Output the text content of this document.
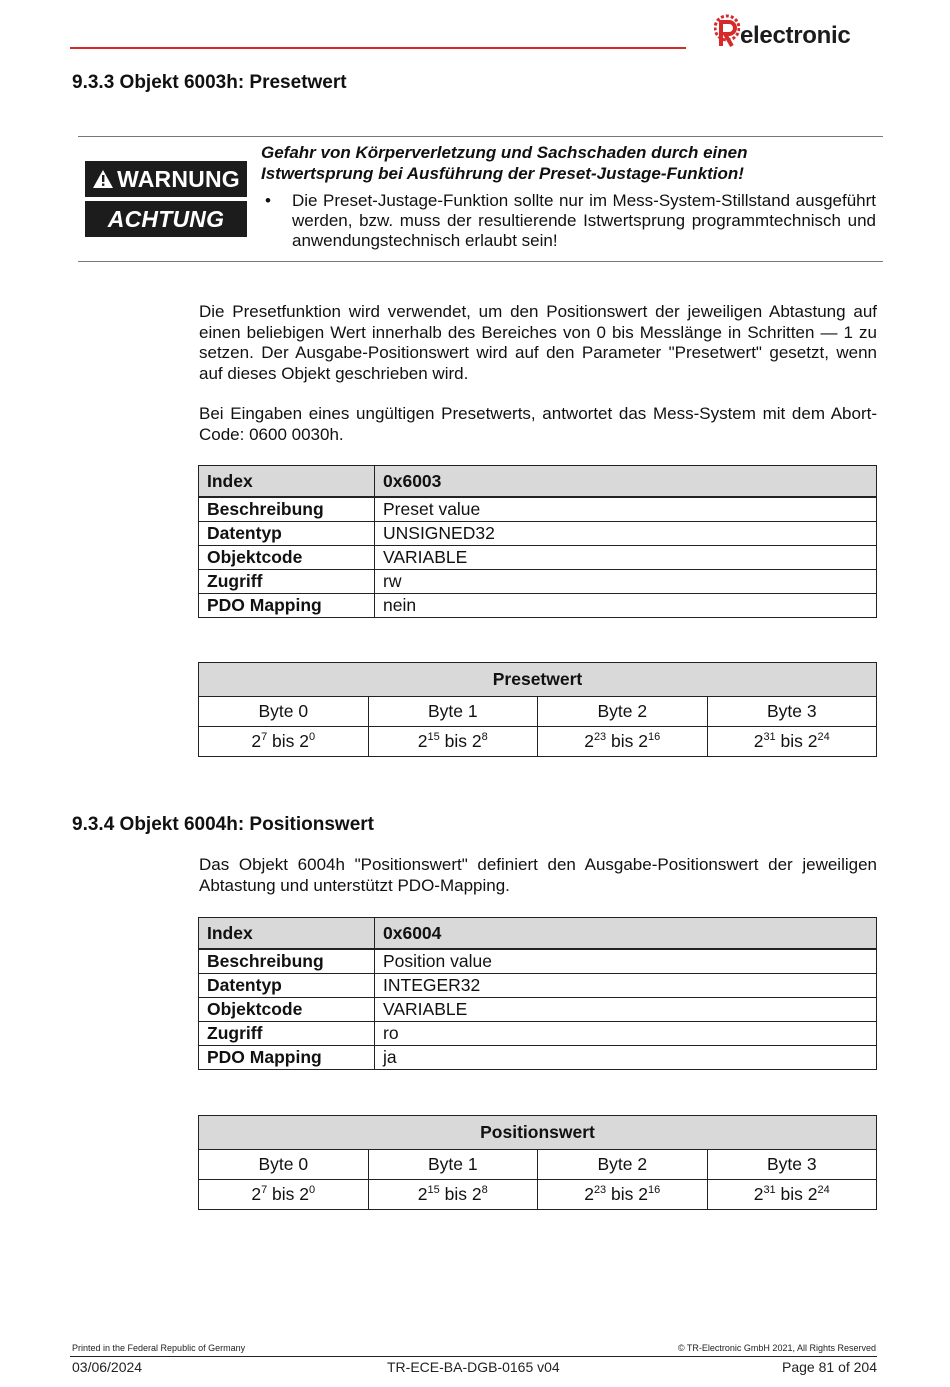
electronic
9.3.3 Objekt 6003h: Presetwert
WARNUNG
ACHTUNG
Gefahr von Körperverletzung und Sachschaden durch einen Istwertsprung bei Ausführung der Preset-Justage-Funktion!
• Die Preset-Justage-Funktion sollte nur im Mess-System-Stillstand ausgeführt werden, bzw. muss der resultierende Istwertsprung programmtechnisch und anwendungstechnisch erlaubt sein!
Die Presetfunktion wird verwendet, um den Positionswert der jeweiligen Abtastung auf einen beliebigen Wert innerhalb des Bereiches von 0 bis Messlänge in Schritten — 1 zu setzen. Der Ausgabe-Positionswert wird auf den Parameter "Presetwert" gesetzt, wenn auf dieses Objekt geschrieben wird.
Bei Eingaben eines ungültigen Presetwerts, antwortet das Mess-System mit dem Abort-Code: 0600 0030h.
Index	0x6003
Beschreibung	Preset value
Datentyp	UNSIGNED32
Objektcode	VARIABLE
Zugriff	rw
PDO Mapping	nein
Presetwert			
Byte 0	Byte 1	Byte 2	Byte 3
$2^7$ bis $2^0$	$2^{15}$ bis $2^8$	$2^{23}$ bis $2^{16}$	$2^{31}$ bis $2^{24}$
9.3.4 Objekt 6004h: Positionswert
Das Objekt 6004h "Positionswert" definiert den Ausgabe-Positionswert der jeweiligen Abtastung und unterstützt PDO-Mapping.
Index	0x6004
Beschreibung	Position value
Datentyp	INTEGER32
Objektcode	VARIABLE
Zugriff	ro
PDO Mapping	ja
Positionswert			
Byte 0	Byte 1	Byte 2	Byte 3
$2^7$ bis $2^0$	$2^{15}$ bis $2^8$	$2^{23}$ bis $2^{16}$	$2^{31}$ bis $2^{24}$
Printed in the Federal Republic of Germany	© TR-Electronic GmbH 2021, All Rights Reserved
03/06/2024	TR-ECE-BA-DGB-0165 v04	Page 81 of 204
